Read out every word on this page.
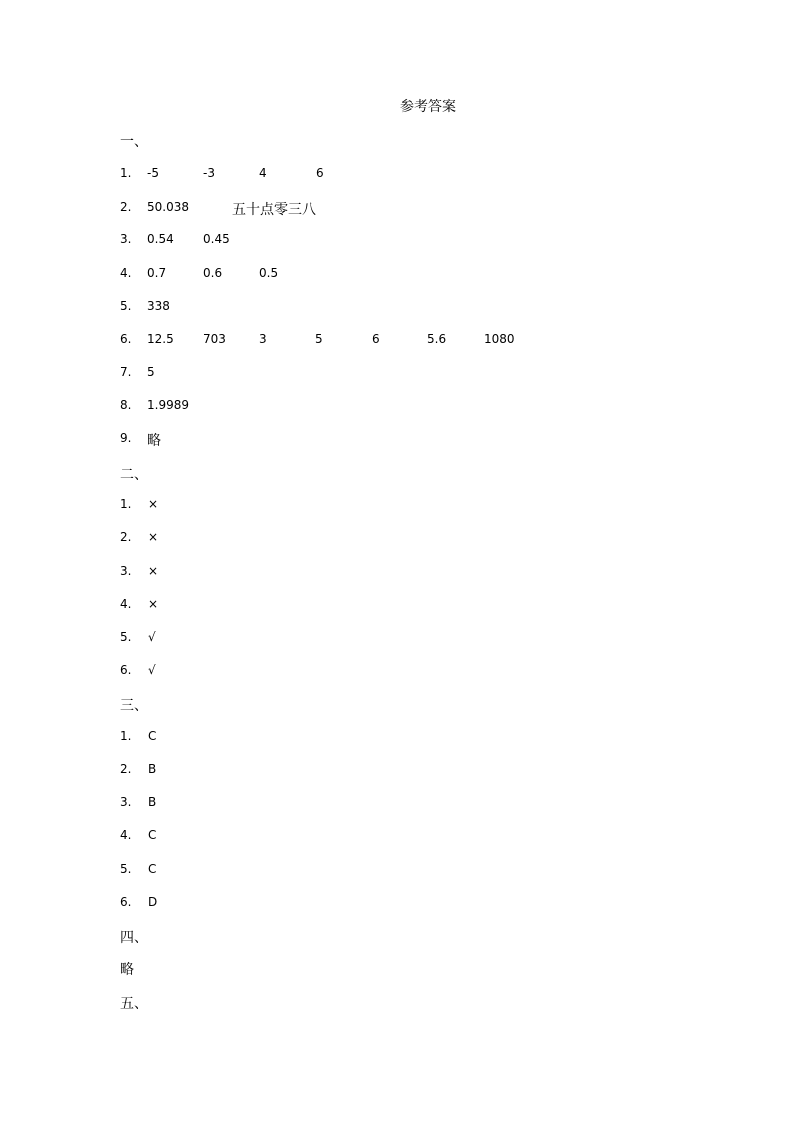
参考答案
一、
1. -5	-3	4	6
2. 50.038	五十点零三八
3. 0.54 0.45
4. 0.7	0.6	0.5
5. 338
6. 12.5 703	3	5	6	5.6	1080
7. 5
8. 1.9989
9. 略
二、
1. ×
2. ×
3. ×
4. ×
5. √
6. √
三、
1. C
2. B
3. B
4. C
5. C
6. D
四、
略
五、
